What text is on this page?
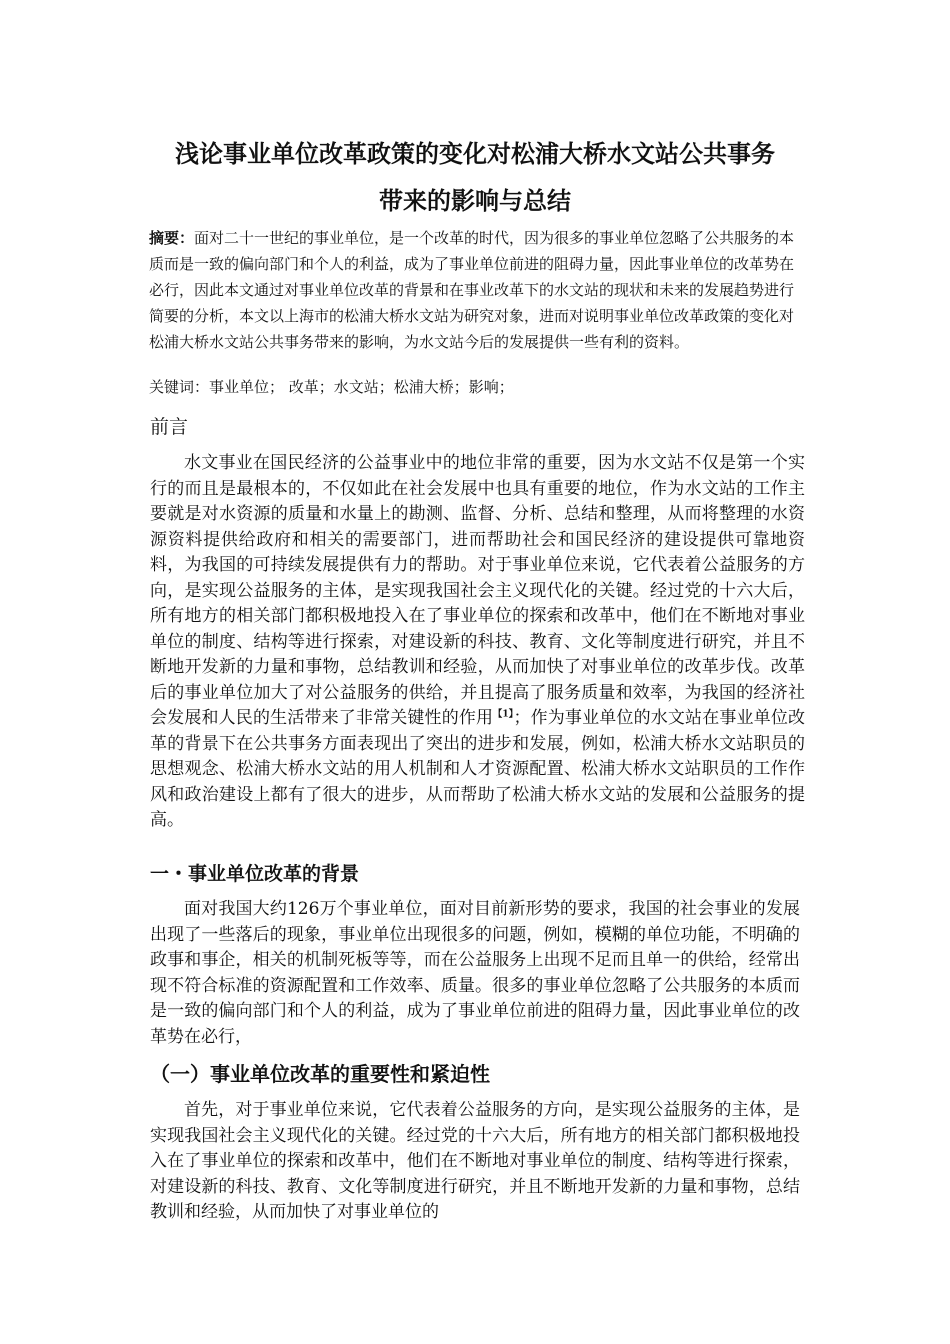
浅论事业单位改革政策的变化对松浦大桥水文站公共事务
带来的影响与总结

摘要：面对二十一世纪的事业单位，是一个改革的时代，因为很多的事业单位忽略了公共服务的本质而是一致的偏向部门和个人的利益，成为了事业单位前进的阻碍力量，因此事业单位的改革势在必行，因此本文通过对事业单位改革的背景和在事业改革下的水文站的现状和未来的发展趋势进行简要的分析，本文以上海市的松浦大桥水文站为研究对象，进而对说明事业单位改革政策的变化对松浦大桥水文站公共事务带来的影响，为水文站今后的发展提供一些有利的资料。

关键词：事业单位； 改革；水文站；松浦大桥；影响；

前言

水文事业在国民经济的公益事业中的地位非常的重要，因为水文站不仅是第一个实行的而且是最根本的，不仅如此在社会发展中也具有重要的地位，作为水文站的工作主要就是对水资源的质量和水量上的勘测、监督、分析、总结和整理，从而将整理的水资源资料提供给政府和相关的需要部门，进而帮助社会和国民经济的建设提供可靠地资料，为我国的可持续发展提供有力的帮助。对于事业单位来说，它代表着公益服务的方向，是实现公益服务的主体，是实现我国社会主义现代化的关键。经过党的十六大后，所有地方的相关部门都积极地投入在了事业单位的探索和改革中，他们在不断地对事业单位的制度、结构等进行探索，对建设新的科技、教育、文化等制度进行研究，并且不断地开发新的力量和事物，总结教训和经验，从而加快了对事业单位的改革步伐。改革后的事业单位加大了对公益服务的供给，并且提高了服务质量和效率，为我国的经济社会发展和人民的生活带来了非常关键性的作用$^{【1】}$；作为事业单位的水文站在事业单位改革的背景下在公共事务方面表现出了突出的进步和发展，例如，松浦大桥水文站职员的思想观念、松浦大桥水文站的用人机制和人才资源配置、松浦大桥水文站职员的工作作风和政治建设上都有了很大的进步，从而帮助了松浦大桥水文站的发展和公益服务的提高。

一・事业单位改革的背景

面对我国大约126万个事业单位，面对目前新形势的要求，我国的社会事业的发展出现了一些落后的现象，事业单位出现很多的问题，例如，模糊的单位功能，不明确的政事和事企，相关的机制死板等等，而在公益服务上出现不足而且单一的供给，经常出现不符合标准的资源配置和工作效率、质量。很多的事业单位忽略了公共服务的本质而是一致的偏向部门和个人的利益，成为了事业单位前进的阻碍力量，因此事业单位的改革势在必行，

（一）事业单位改革的重要性和紧迫性

首先，对于事业单位来说，它代表着公益服务的方向，是实现公益服务的主体，是实现我国社会主义现代化的关键。经过党的十六大后，所有地方的相关部门都积极地投入在了事业单位的探索和改革中，他们在不断地对事业单位的制度、结构等进行探索，对建设新的科技、教育、文化等制度进行研究，并且不断地开发新的力量和事物，总结教训和经验，从而加快了对事业单位的
